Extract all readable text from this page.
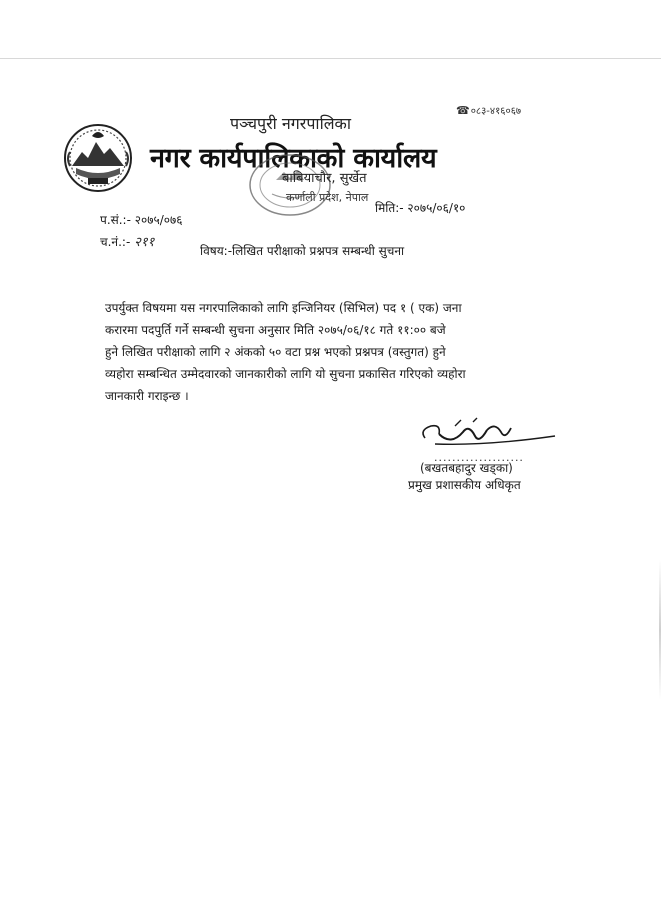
☎०८३-४१६०६७
पञ्चपुरी नगरपालिका
नगर कार्यपालिकाको कार्यालय
बाबियाचौर, सुर्खेत
कर्णाली प्रदेश, नेपाल
प.सं.:- २०७५/०७६
च.नं.:- २११
मिति:- २०७५/०६/१०
विषय:-लिखित परीक्षाको प्रश्नपत्र सम्बन्धी सुचना
उपर्युक्त विषयमा यस नगरपालिकाको लागि इन्जिनियर (सिभिल) पद १ ( एक) जना
करारमा पदपुर्ति गर्ने सम्बन्धी सुचना अनुसार मिति २०७५/०६/१८ गते ११:०० बजे
हुने लिखित परीक्षाको लागि २ अंकको ५० वटा प्रश्न भएको प्रश्नपत्र (वस्तुगत) हुने
व्यहोरा सम्बन्धित उम्मेदवारको जानकारीको लागि यो सुचना प्रकासित गरिएको व्यहोरा
जानकारी गराइन्छ ।
....................
(बखतबहादुर खड्का)
प्रमुख प्रशासकीय अधिकृत
